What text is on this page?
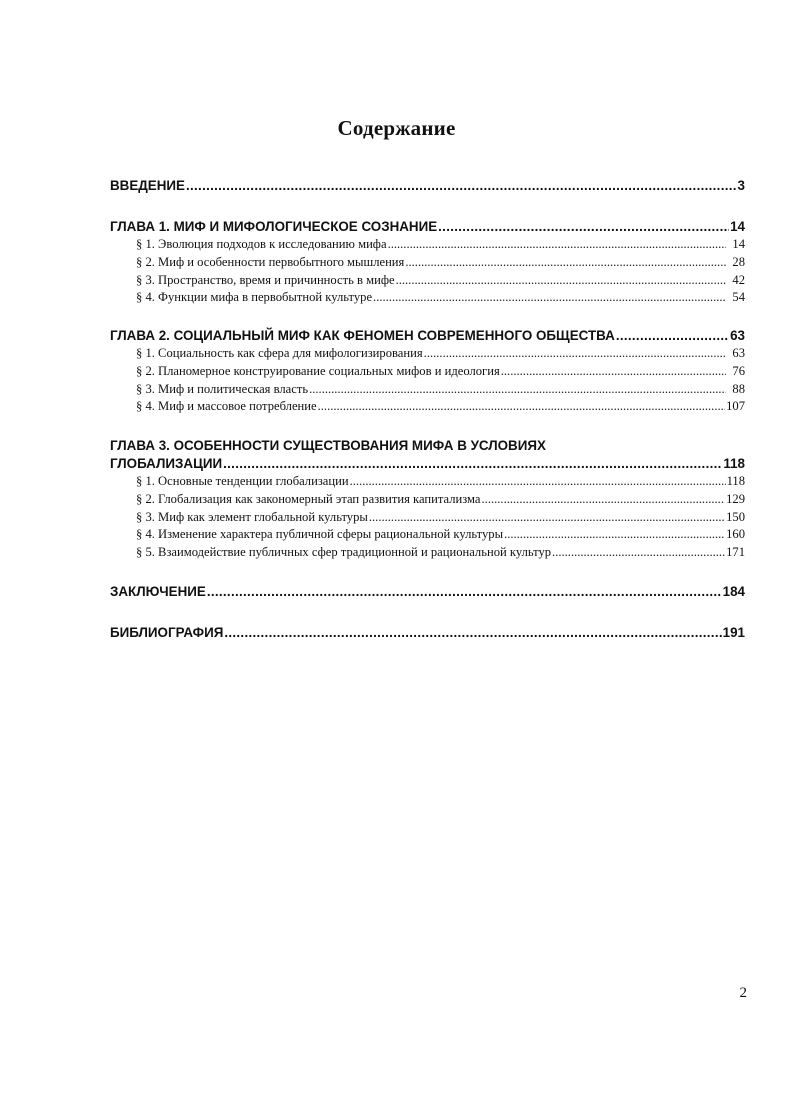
Содержание
ВВЕДЕНИЕ .....	3
ГЛАВА 1. МИФ И МИФОЛОГИЧЕСКОЕ СОЗНАНИЕ .....	14
§ 1. Эволюция подходов к исследованию мифа .....	14
§ 2. Миф и особенности первобытного мышления .....	28
§ 3. Пространство, время и причинность в мифе .....	42
§ 4. Функции мифа в первобытной культуре .....	54
ГЛАВА 2. СОЦИАЛЬНЫЙ МИФ КАК ФЕНОМЕН СОВРЕМЕННОГО ОБЩЕСТВА .....	63
§ 1. Социальность как сфера для мифологизирования .....	63
§ 2. Планомерное конструирование социальных мифов и идеология .....	76
§ 3. Миф и политическая власть .....	88
§ 4. Миф и массовое потребление .....	107
ГЛАВА 3. ОСОБЕННОСТИ СУЩЕСТВОВАНИЯ МИФА В УСЛОВИЯХ
ГЛОБАЛИЗАЦИИ .....	118
§ 1. Основные тенденции глобализации .....	118
§ 2. Глобализация как закономерный этап развития капитализма .....	129
§ 3. Миф как элемент глобальной культуры .....	150
§ 4. Изменение характера публичной сферы рациональной культуры .....	160
§ 5. Взаимодействие публичных сфер традиционной и рациональной культур .....	171
ЗАКЛЮЧЕНИЕ .....	184
БИБЛИОГРАФИЯ .....	191
2
